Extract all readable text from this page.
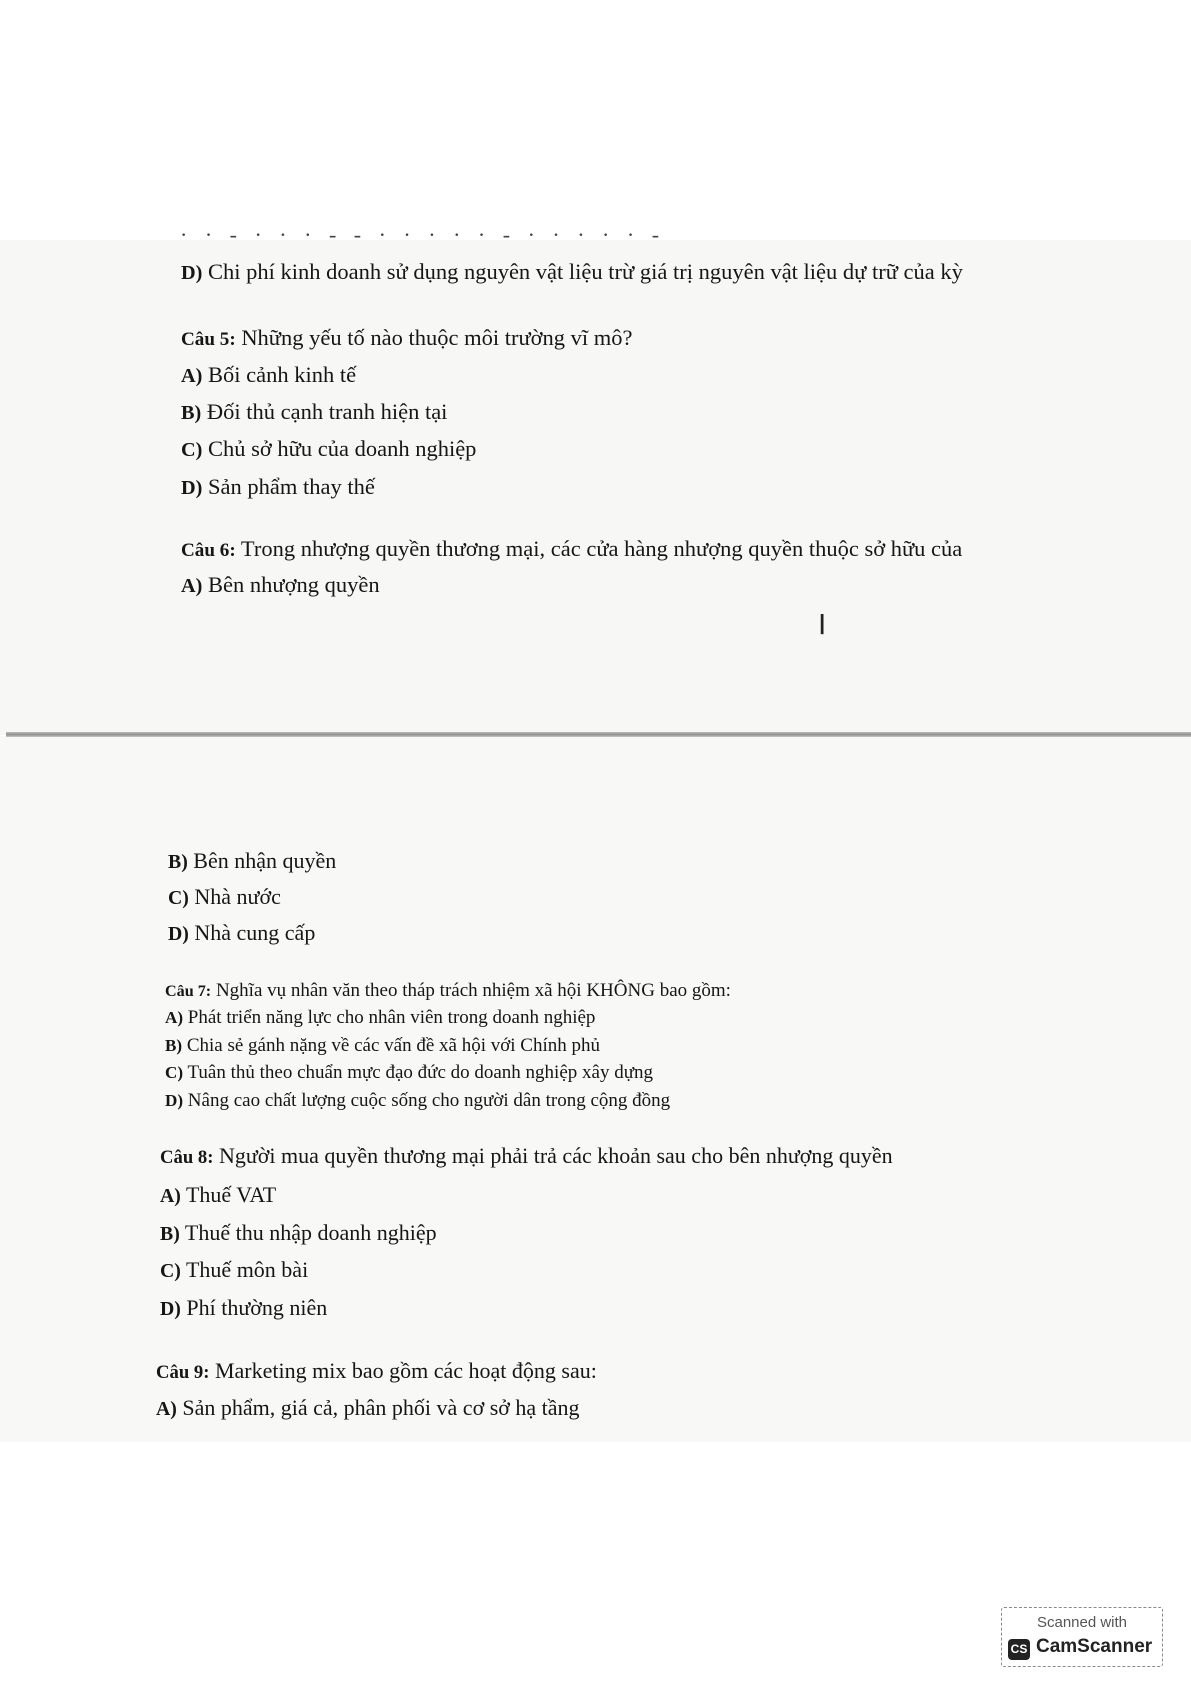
· · - · · · - - · · · · · - · · · · · -
D) Chi phí kinh doanh sử dụng nguyên vật liệu trừ giá trị nguyên vật liệu dự trữ của kỳ
Câu 5: Những yếu tố nào thuộc môi trường vĩ mô?
A) Bối cảnh kinh tế
B) Đối thủ cạnh tranh hiện tại
C) Chủ sở hữu của doanh nghiệp
D) Sản phẩm thay thế
Câu 6: Trong nhượng quyền thương mại, các cửa hàng nhượng quyền thuộc sở hữu của
A) Bên nhượng quyền
I
B) Bên nhận quyền
C) Nhà nước
D) Nhà cung cấp
Câu 7: Nghĩa vụ nhân văn theo tháp trách nhiệm xã hội KHÔNG bao gồm:
A) Phát triển năng lực cho nhân viên trong doanh nghiệp
B) Chia sẻ gánh nặng về các vấn đề xã hội với Chính phủ
C) Tuân thủ theo chuẩn mực đạo đức do doanh nghiệp xây dựng
D) Nâng cao chất lượng cuộc sống cho người dân trong cộng đồng
Câu 8: Người mua quyền thương mại phải trả các khoản sau cho bên nhượng quyền
A) Thuế VAT
B) Thuế thu nhập doanh nghiệp
C) Thuế môn bài
D) Phí thường niên
Câu 9: Marketing mix bao gồm các hoạt động sau:
A) Sản phẩm, giá cả, phân phối và cơ sở hạ tầng
Scanned with
CS CamScanner
